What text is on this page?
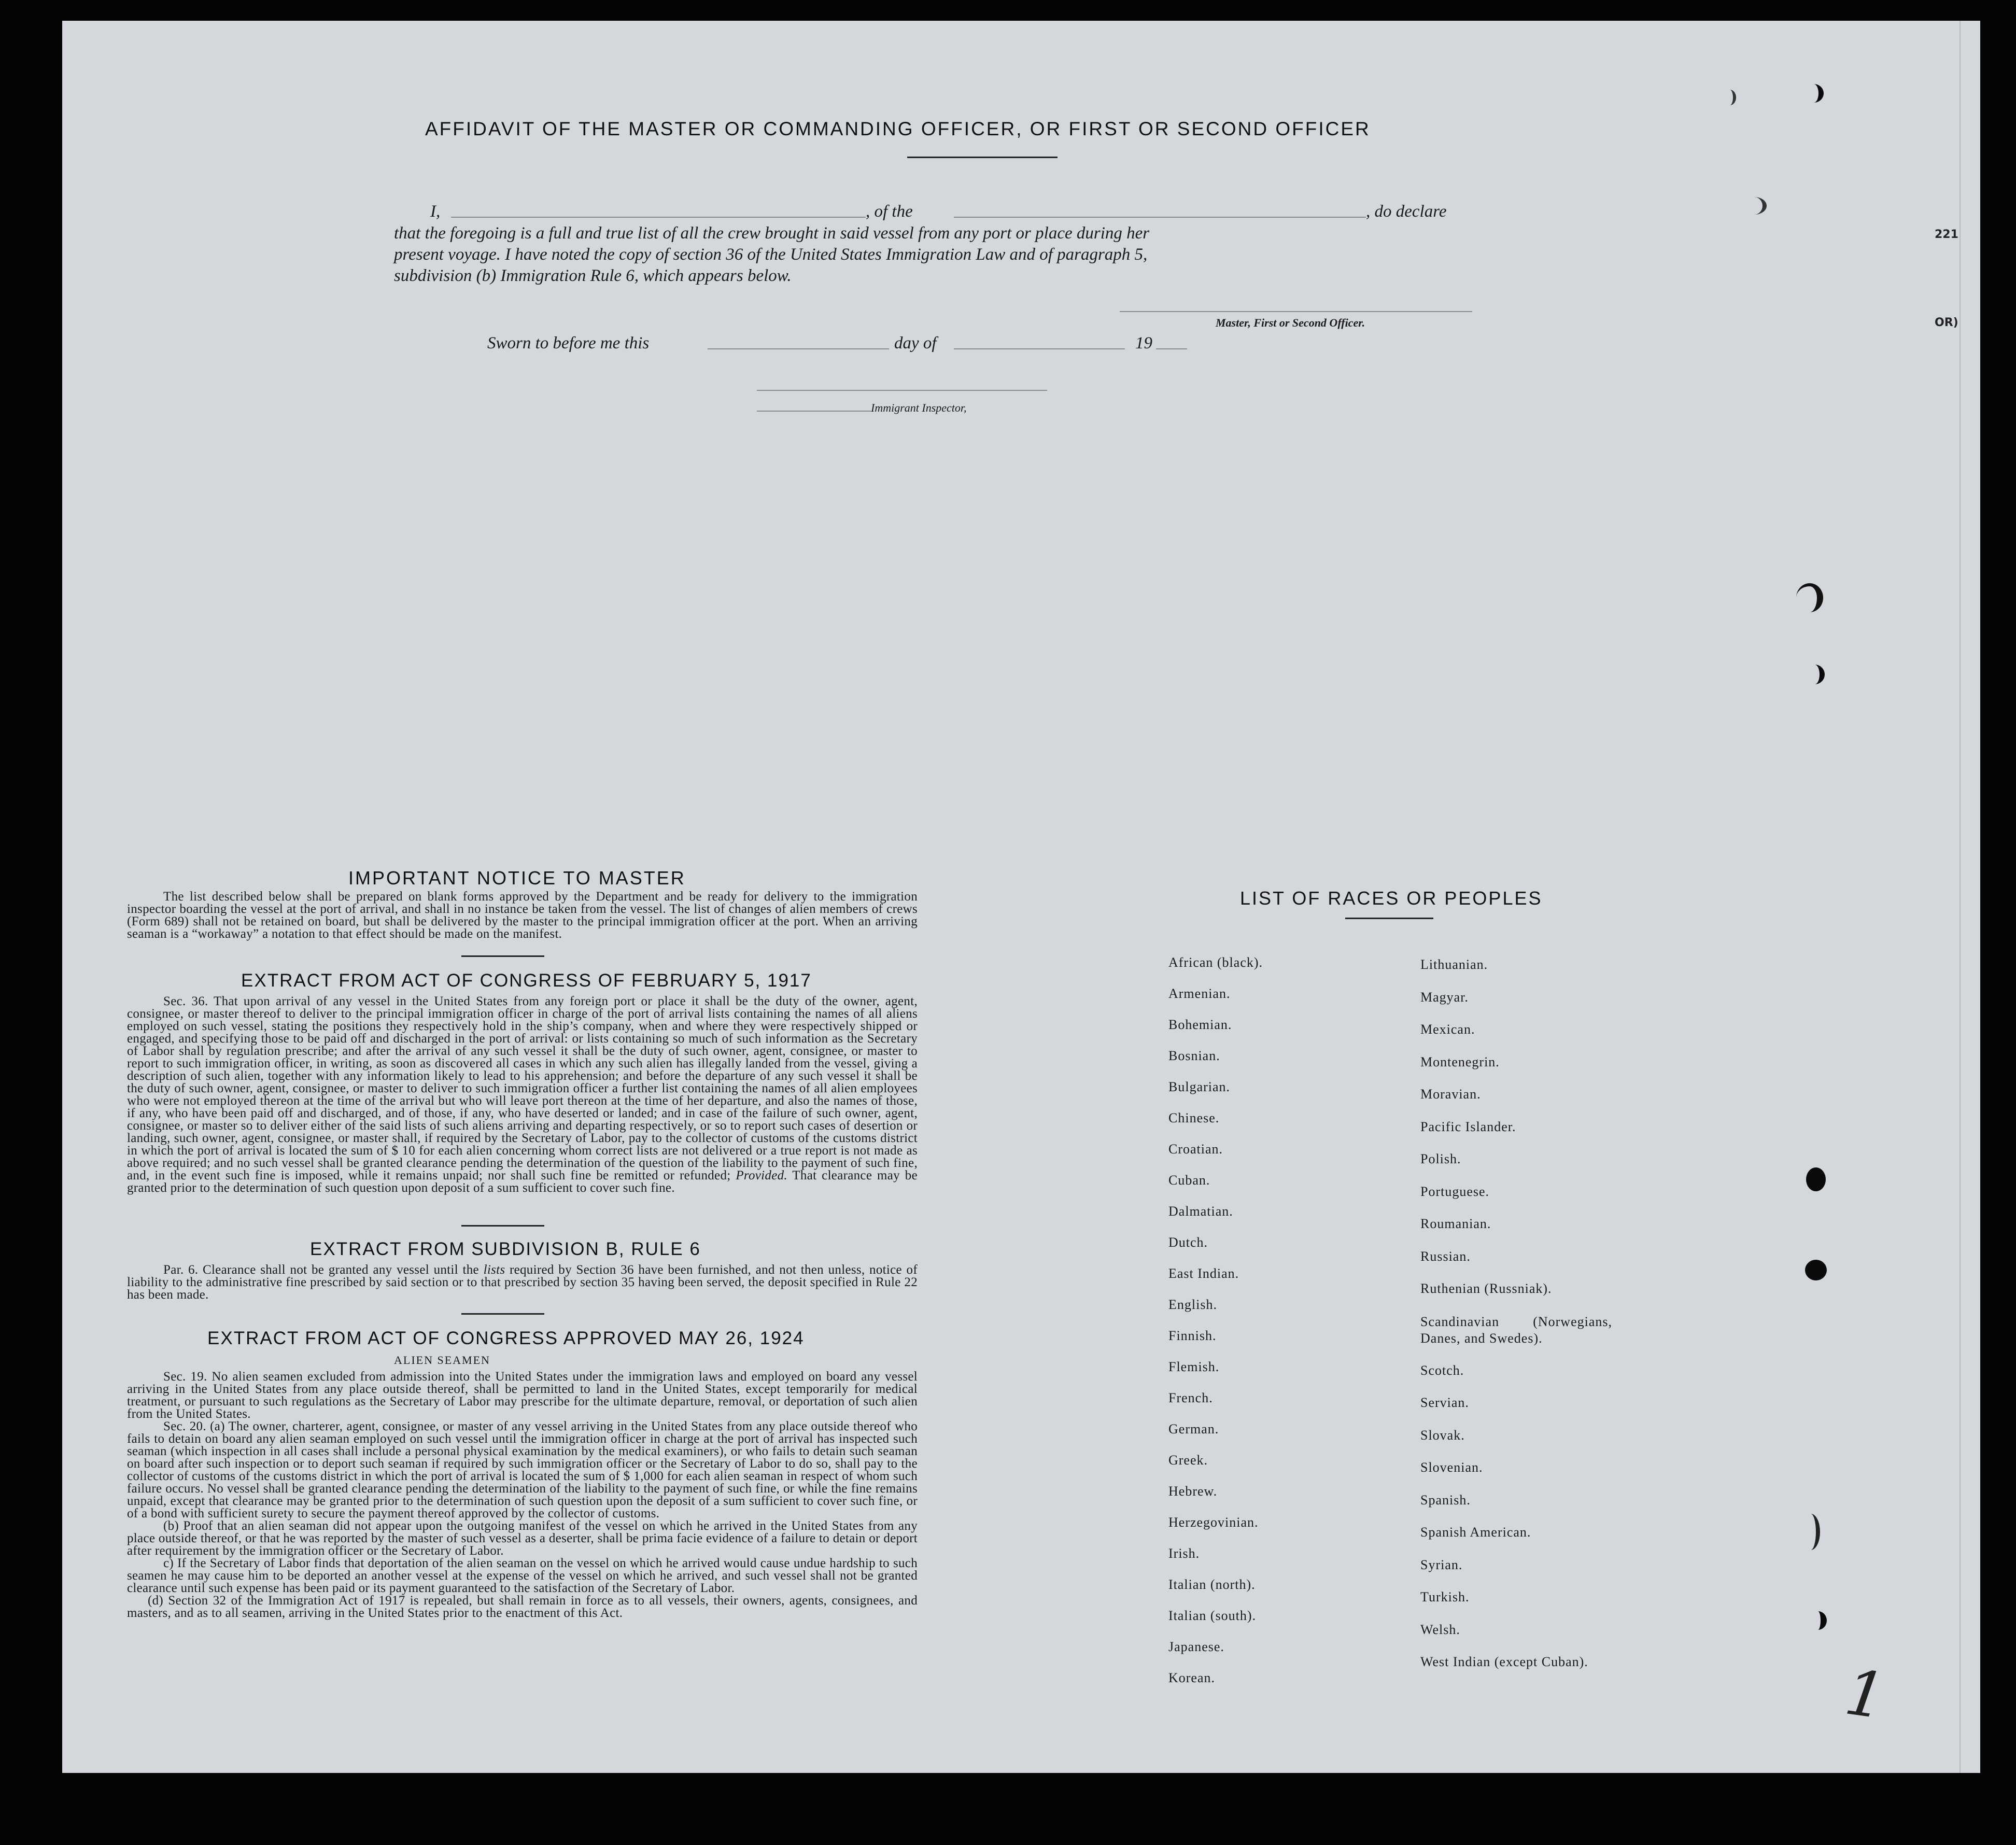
AFFIDAVIT OF THE MASTER OR COMMANDING OFFICER, OR FIRST OR SECOND OFFICER
I,	, of the	, do declare
that the foregoing is a full and true list of all the crew brought in said vessel from any port or place during her
present voyage. I have noted the copy of section 36 of the United States Immigration Law and of paragraph 5,
subdivision (b) Immigration Rule 6, which appears below.
Master, First or Second Officer.
Sworn to before me this	day of	19
Immigrant Inspector,
IMPORTANT NOTICE TO MASTER

The list described below shall be prepared on blank forms approved by the Department and be ready for delivery to the immigration inspector boarding the vessel at the port of arrival, and shall in no instance be taken from the vessel. The list of changes of alien members of crews (Form 689) shall not be retained on board, but shall be delivered by the master to the principal immigration officer at the port. When an arriving seaman is a “workaway” a notation to that effect should be made on the manifest.

EXTRACT FROM ACT OF CONGRESS OF FEBRUARY 5, 1917

Sec. 36. That upon arrival of any vessel in the United States from any foreign port or place it shall be the duty of the owner, agent, consignee, or master thereof to deliver to the principal immigration officer in charge of the port of arrival lists containing the names of all aliens employed on such vessel, stating the positions they respectively hold in the ship’s company, when and where they were respectively shipped or engaged, and specifying those to be paid off and discharged in the port of arrival: or lists containing so much of such information as the Secretary of Labor shall by regulation prescribe; and after the arrival of any such vessel it shall be the duty of such owner, agent, consignee, or master to report to such immigration officer, in writing, as soon as discovered all cases in which any such alien has illegally landed from the vessel, giving a description of such alien, together with any information likely to lead to his apprehension; and before the departure of any such vessel it shall be the duty of such owner, agent, consignee, or master to deliver to such immigration officer a further list containing the names of all alien employees who were not employed thereon at the time of the arrival but who will leave port thereon at the time of her departure, and also the names of those, if any, who have been paid off and discharged, and of those, if any, who have deserted or landed; and in case of the failure of such owner, agent, consignee, or master so to deliver either of the said lists of such aliens arriving and departing respectively, or so to report such cases of desertion or landing, such owner, agent, consignee, or master shall, if required by the Secretary of Labor, pay to the collector of customs of the customs district in which the port of arrival is located the sum of $ 10 for each alien concerning whom correct lists are not delivered or a true report is not made as above required; and no such vessel shall be granted clearance pending the determination of the question of the liability to the payment of such fine, and, in the event such fine is imposed, while it remains unpaid; nor shall such fine be remitted or refunded; Provided. That clearance may be granted prior to the determination of such question upon deposit of a sum sufficient to cover such fine.

EXTRACT FROM SUBDIVISION B, RULE 6

Par. 6. Clearance shall not be granted any vessel until the lists required by Section 36 have been furnished, and not then unless, notice of liability to the administrative fine prescribed by said section or to that prescribed by section 35 having been served, the deposit specified in Rule 22 has been made.

EXTRACT FROM ACT OF CONGRESS APPROVED MAY 26, 1924
ALIEN SEAMEN

Sec. 19. No alien seamen excluded from admission into the United States under the immigration laws and employed on board any vessel arriving in the United States from any place outside thereof, shall be permitted to land in the United States, except temporarily for medical treatment, or pursuant to such regulations as the Secretary of Labor may prescribe for the ultimate departure, removal, or deportation of such alien from the United States.

Sec. 20. (a) The owner, charterer, agent, consignee, or master of any vessel arriving in the United States from any place outside thereof who fails to detain on board any alien seaman employed on such vessel until the immigration officer in charge at the port of arrival has inspected such seaman (which inspection in all cases shall include a personal physical examination by the medical examiners), or who fails to detain such seaman on board after such inspection or to deport such seaman if required by such immigration officer or the Secretary of Labor to do so, shall pay to the collector of customs of the customs district in which the port of arrival is located the sum of $ 1,000 for each alien seaman in respect of whom such failure occurs. No vessel shall be granted clearance pending the determination of the liability to the payment of such fine, or while the fine remains unpaid, except that clearance may be granted prior to the determination of such question upon the deposit of a sum sufficient to cover such fine, or of a bond with sufficient surety to secure the payment thereof approved by the collector of customs.

(b) Proof that an alien seaman did not appear upon the outgoing manifest of the vessel on which he arrived in the United States from any place outside thereof, or that he was reported by the master of such vessel as a deserter, shall be prima facie evidence of a failure to detain or deport after requirement by the immigration officer or the Secretary of Labor.

c) If the Secretary of Labor finds that deportation of the alien seaman on the vessel on which he arrived would cause undue hardship to such seamen he may cause him to be deported an another vessel at the expense of the vessel on which he arrived, and such vessel shall not be granted clearance until such expense has been paid or its payment guaranteed to the satisfaction of the Secretary of Labor.

(d) Section 32 of the Immigration Act of 1917 is repealed, but shall remain in force as to all vessels, their owners, agents, consignees, and masters, and as to all seamen, arriving in the United States prior to the enactment of this Act.

LIST OF RACES OR PEOPLES
221
OR)
1
African (black).
Armenian.
Bohemian.
Bosnian.
Bulgarian.
Chinese.
Croatian.
Cuban.
Dalmatian.
Dutch.
East Indian.
English.
Finnish.
Flemish.
French.
German.
Greek.
Hebrew.
Herzegovinian.
Irish.
Italian (north).
Italian (south).
Japanese.
Korean.
Lithuanian.
Magyar.
Mexican.
Montenegrin.
Moravian.
Pacific Islander.
Polish.
Portuguese.
Roumanian.
Russian.
Ruthenian (Russniak).
Scandinavian (Norwegians, Danes, and Swedes).
Scotch.
Servian.
Slovak.
Slovenian.
Spanish.
Spanish American.
Syrian.
Turkish.
Welsh.
West Indian (except Cuban).
